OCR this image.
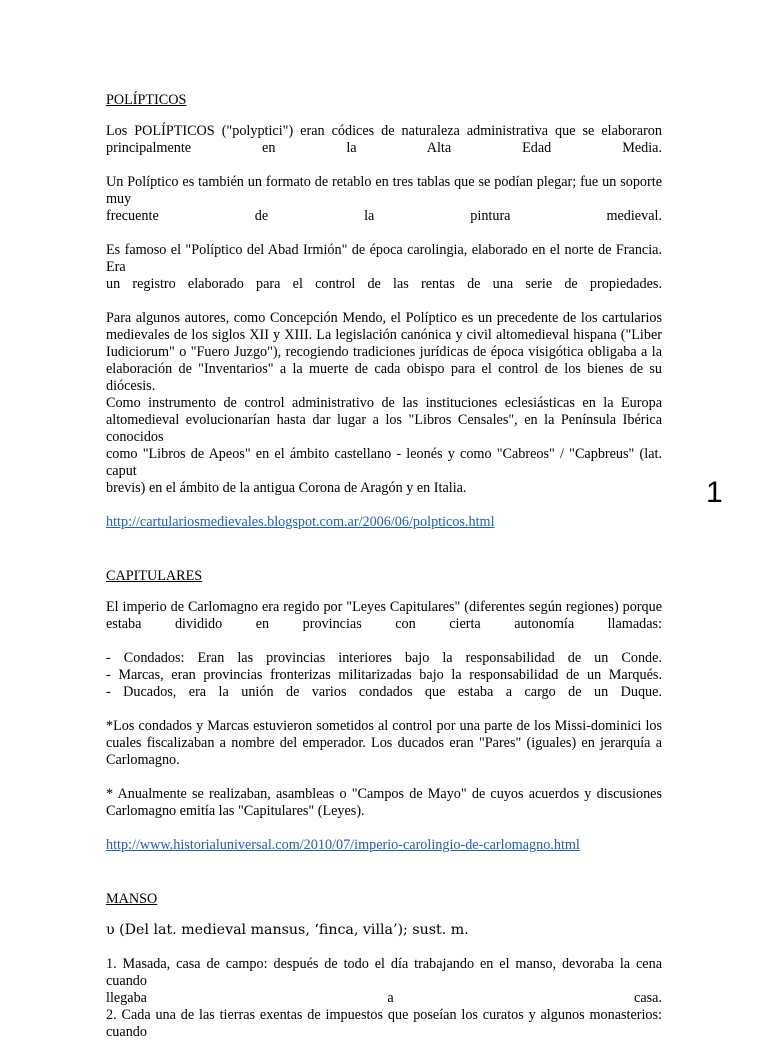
POLÍPTICOS

Los POLÍPTICOS ("polyptici") eran códices de naturaleza administrativa que se elaboraron
principalmente en la Alta Edad Media.

Un Políptico es también un formato de retablo en tres tablas que se podían plegar; fue un soporte muy
frecuente de la pintura medieval.

Es famoso el "Políptico del Abad Irmión" de época carolingia, elaborado en el norte de Francia. Era
un registro elaborado para el control de las rentas de una serie de propiedades.

Para algunos autores, como Concepción Mendo, el Políptico es un precedente de los cartularios
medievales de los siglos XII y XIII. La legislación canónica y civil altomedieval hispana ("Liber
Iudiciorum" o "Fuero Juzgo"), recogiendo tradiciones jurídicas de época visigótica obligaba a la
elaboración de "Inventarios" a la muerte de cada obispo para el control de los bienes de su diócesis.
Como instrumento de control administrativo de las instituciones eclesiásticas en la Europa
altomedieval evolucionarían hasta dar lugar a los "Libros Censales", en la Península Ibérica conocidos
como "Libros de Apeos" en el ámbito castellano - leonés y como "Cabreos" / "Capbreus" (lat. caput
brevis) en el ámbito de la antigua Corona de Aragón y en Italia.

http://cartulariosmedievales.blogspot.com.ar/2006/06/polpticos.html
CAPITULARES

El imperio de Carlomagno era regido por "Leyes Capitulares" (diferentes según regiones) porque
estaba dividido en provincias con cierta autonomía llamadas:

- Condados: Eran las provincias interiores bajo la responsabilidad de un Conde.
- Marcas, eran provincias fronterizas militarizadas bajo la responsabilidad de un Marqués.
- Ducados, era la unión de varios condados que estaba a cargo de un Duque.

*Los condados y Marcas estuvieron sometidos al control por una parte de los Missi-dominici los
cuales fiscalizaban a nombre del emperador. Los ducados eran "Pares" (iguales) en jerarquía a
Carlomagno.

* Anualmente se realizaban, asambleas o "Campos de Mayo" de cuyos acuerdos y discusiones
Carlomagno emitía las "Capitulares" (Leyes).

http://www.historialuniversal.com/2010/07/imperio-carolingio-de-carlomagno.html
MANSO

υ (Del lat. medieval mansus, ‘finca, villa’); sust. m.

1. Masada, casa de campo: después de todo el día trabajando en el manso, devoraba la cena cuando
llegaba a casa.
2. Cada una de las tierras exentas de impuestos que poseían los curatos y algunos monasterios: cuando

1
